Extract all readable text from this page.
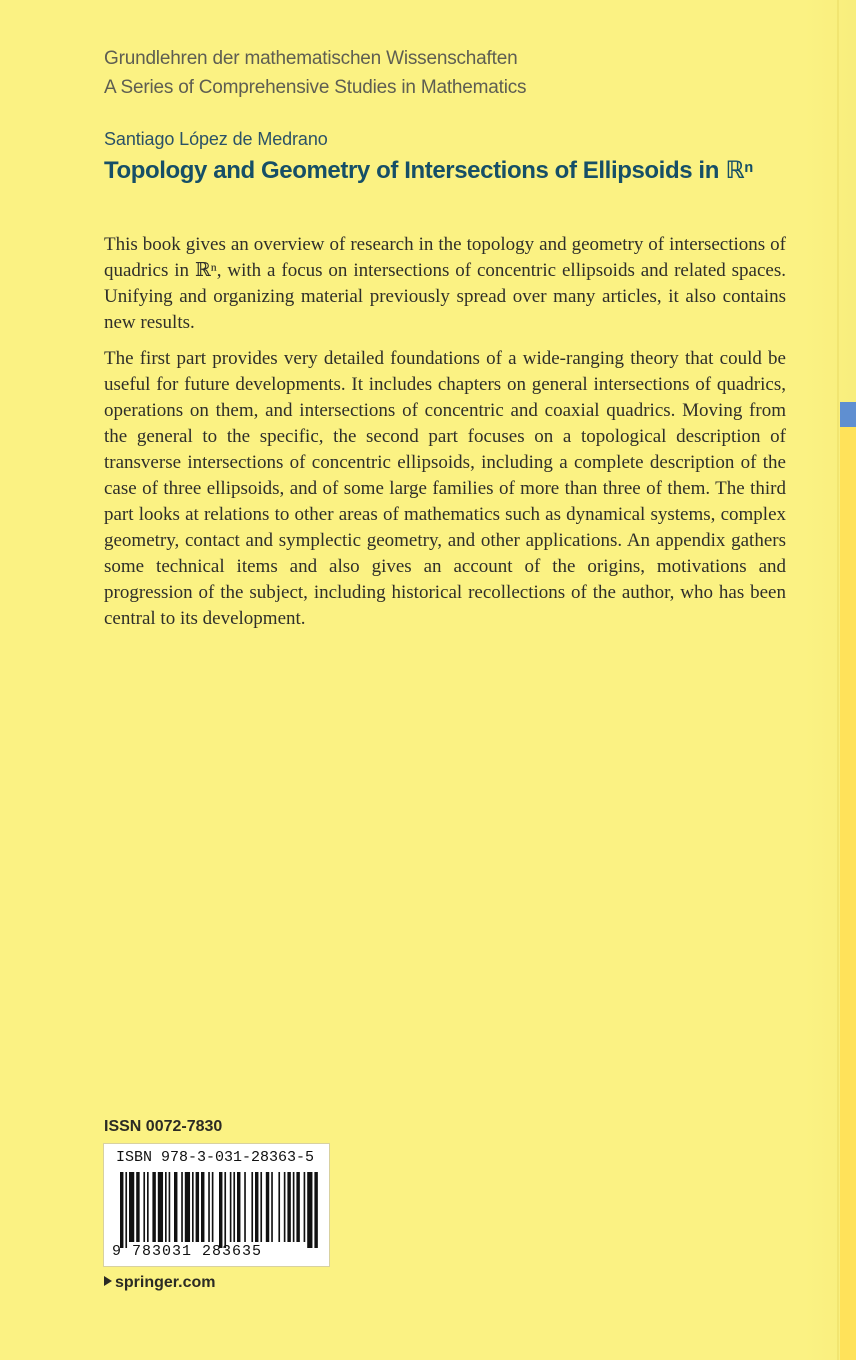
Grundlehren der mathematischen Wissenschaften
A Series of Comprehensive Studies in Mathematics
Santiago López de Medrano
Topology and Geometry of Intersections of Ellipsoids in ℝⁿ

This book gives an overview of research in the topology and geometry of intersections of quadrics in ℝⁿ, with a focus on intersections of concentric ellipsoids and related spaces. Unifying and organizing material previously spread over many articles, it also contains new results.

The first part provides very detailed foundations of a wide-ranging theory that could be useful for future developments. It includes chapters on general intersections of quadrics, operations on them, and intersections of concentric and coaxial quadrics. Moving from the general to the specific, the second part focuses on a topological description of transverse intersections of concentric ellipsoids, including a complete description of the case of three ellipsoids, and of some large families of more than three of them. The third part looks at relations to other areas of mathematics such as dynamical systems, complex geometry, contact and symplectic geometry, and other applications. An appendix gathers some technical items and also gives an account of the origins, motivations and progression of the subject, including historical recollections of the author, who has been central to its development.

ISSN 0072-7830
ISBN 978-3-031-28363-5
9 783031 283635
springer.com
